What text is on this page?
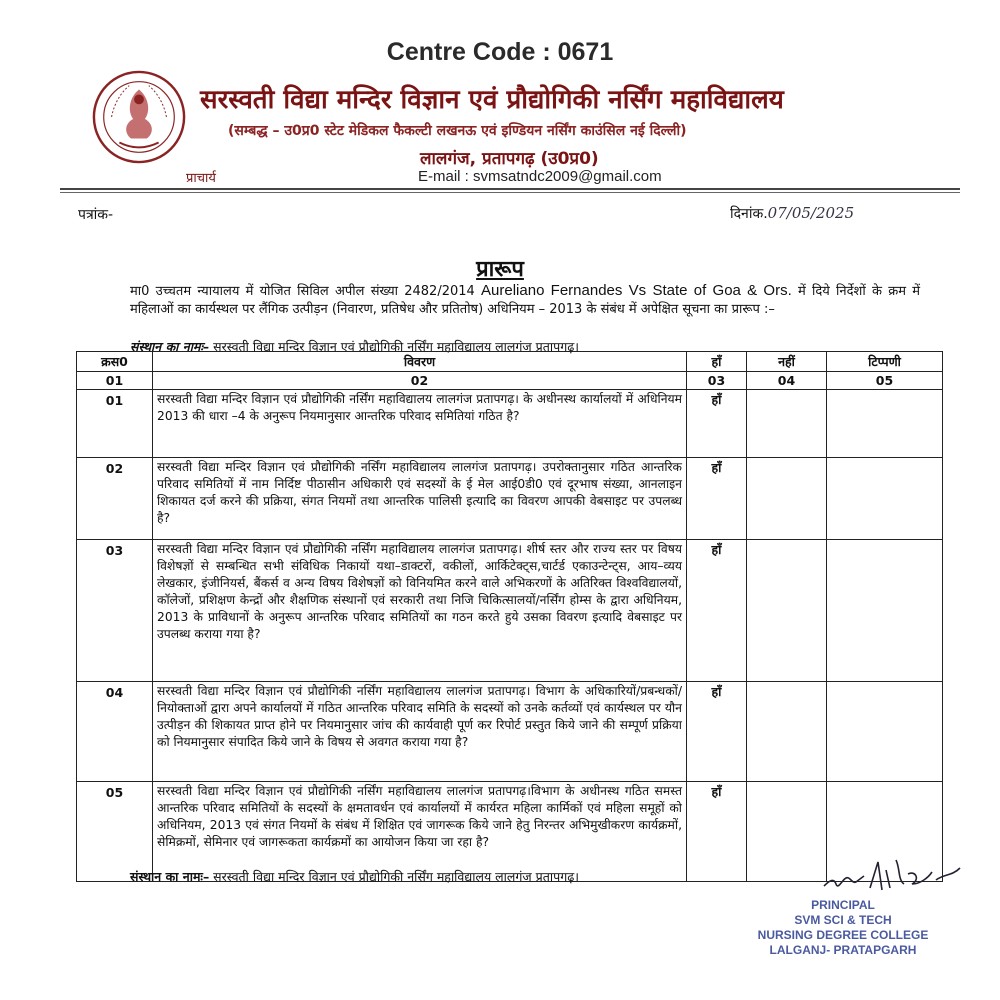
Centre Code : 0671
सरस्वती विद्या मन्दिर विज्ञान एवं प्रौद्योगिकी नर्सिंग महाविद्यालय
(सम्बद्ध – उ0प्र0 स्टेट मेडिकल फैकल्टी लखनऊ एवं इण्डियन नर्सिंग काउंसिल नई दिल्ली)
लालगंज, प्रतापगढ़ (उ0प्र0)
प्राचार्य	E-mail : svmsatndc2009@gmail.com
पत्रांक-	दिनांक.07/05/2025
प्रारूप
मा0 उच्चतम न्यायालय में योजित सिविल अपील संख्या 2482/2014 Aureliano Fernandes Vs State of Goa & Ors. में दिये निर्देशों के क्रम में महिलाओं का कार्यस्थल पर लैंगिक उत्पीड़न (निवारण, प्रतिषेध और प्रतितोष) अधिनियम – 2013 के संबंध में अपेक्षित सूचना का प्रारूप :–
संस्थान का नामः– सरस्वती विद्या मन्दिर विज्ञान एवं प्रौद्योगिकी नर्सिंग महाविद्यालय लालगंज प्रतापगढ़।
क्रस0	विवरण	हाँ	नहीं	टिप्पणी
01	02	03	04	05
01	सरस्वती विद्या मन्दिर विज्ञान एवं प्रौद्योगिकी नर्सिंग महाविद्यालय लालगंज प्रतापगढ़। के अधीनस्थ कार्यालयों में अधिनियम 2013 की धारा –4 के अनुरूप नियमानुसार आन्तरिक परिवाद समितियां गठित है?	हाँ		
02	सरस्वती विद्या मन्दिर विज्ञान एवं प्रौद्योगिकी नर्सिंग महाविद्यालय लालगंज प्रतापगढ़। उपरोक्तानुसार गठित आन्तरिक परिवाद समितियों में नाम निर्दिष्ट पीठासीन अधिकारी एवं सदस्यों के ई मेल आई0डी0 एवं दूरभाष संख्या, आनलाइन शिकायत दर्ज करने की प्रक्रिया, संगत नियमों तथा आन्तरिक पालिसी इत्यादि का विवरण आपकी वेबसाइट पर उपलब्ध है?	हाँ		
03	सरस्वती विद्या मन्दिर विज्ञान एवं प्रौद्योगिकी नर्सिंग महाविद्यालय लालगंज प्रतापगढ़। शीर्ष स्तर और राज्य स्तर पर विषय विशेषज्ञों से सम्बन्धित सभी संविधिक निकायों यथा–डाक्टरों, वकीलों, आर्किटेक्ट्स,चार्टर्ड एकाउन्टेन्ट्स, आय–व्यय लेखकार, इंजीनियर्स, बैंकर्स व अन्य विषय विशेषज्ञों को विनियमित करने वाले अभिकरणों के अतिरिक्त विश्वविद्यालयों, कॉलेजों, प्रशिक्षण केन्द्रों और शैक्षणिक संस्थानों एवं सरकारी तथा निजि चिकित्सालयों/नर्सिंग होम्स के द्वारा अधिनियम, 2013 के प्राविधानों के अनुरूप आन्तरिक परिवाद समितियों का गठन करते हुये उसका विवरण इत्यादि वेबसाइट पर उपलब्ध कराया गया है?	हाँ		
04	सरस्वती विद्या मन्दिर विज्ञान एवं प्रौद्योगिकी नर्सिंग महाविद्यालय लालगंज प्रतापगढ़। विभाग के अधिकारियों/प्रबन्धकों/नियोक्ताओं द्वारा अपने कार्यालयों में गठित आन्तरिक परिवाद समिति के सदस्यों को उनके कर्तव्यों एवं कार्यस्थल पर यौन उत्पीड़न की शिकायत प्राप्त होने पर नियमानुसार जांच की कार्यवाही पूर्ण कर रिपोर्ट प्रस्तुत किये जाने की सम्पूर्ण प्रक्रिया को नियमानुसार संपादित किये जाने के विषय से अवगत कराया गया है?	हाँ		
05	सरस्वती विद्या मन्दिर विज्ञान एवं प्रौद्योगिकी नर्सिंग महाविद्यालय लालगंज प्रतापगढ़।विभाग के अधीनस्थ गठित समस्त आन्तरिक परिवाद समितियों के सदस्यों के क्षमतावर्धन एवं कार्यालयों में कार्यरत महिला कार्मिकों एवं महिला समूहों को अधिनियम, 2013 एवं संगत नियमों के संबंध में शिक्षित एवं जागरूक किये जाने हेतु निरन्तर अभिमुखीकरण कार्यक्रमों, सेमिक्रमों, सेमिनार एवं जागरूकता कार्यक्रमों का आयोजन किया जा रहा है?	हाँ		
संस्थान का नामः– सरस्वती विद्या मन्दिर विज्ञान एवं प्रौद्योगिकी नर्सिंग महाविद्यालय लालगंज प्रतापगढ़।
PRINCIPAL
SVM SCI & TECH
NURSING DEGREE COLLEGE
LALGANJ- PRATAPGARH
